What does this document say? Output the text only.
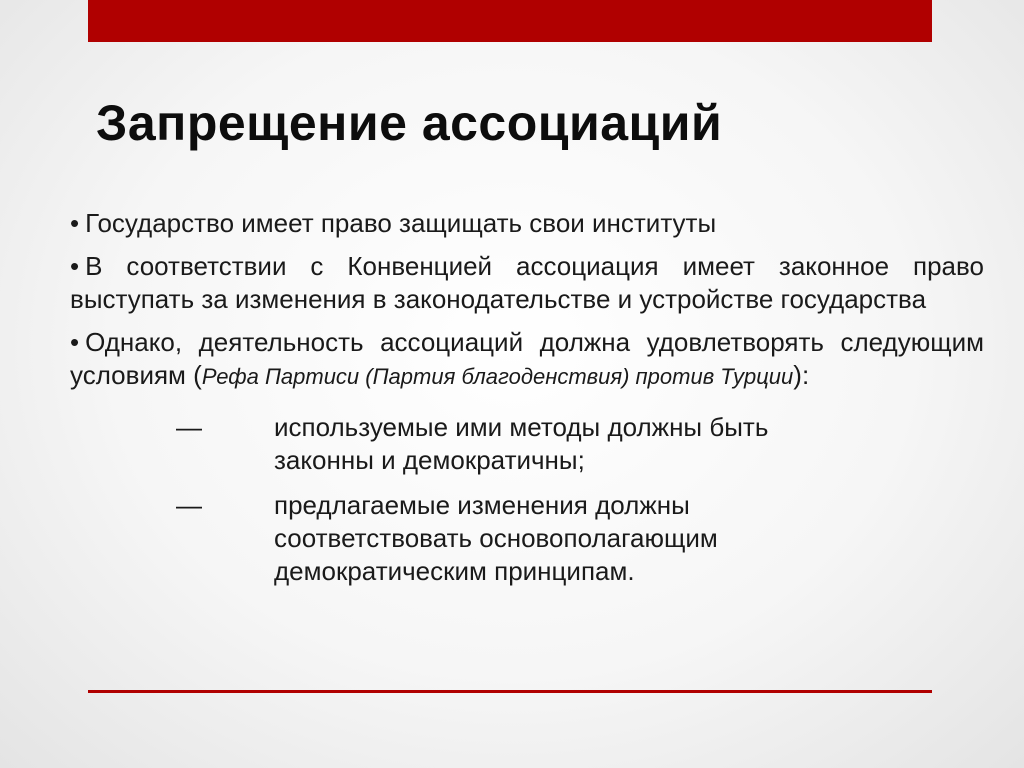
Запрещение ассоциаций

• Государство имеет право защищать свои институты

• В соответствии с Конвенцией ассоциация имеет законное право выступать за изменения в законодательстве и устройстве государства

• Однако, деятельность ассоциаций должна удовлетворять следующим условиям (Рефа Партиси (Партия благоденствия) против Турции):

—	используемые ими методы должны быть законны и демократичны;
—	предлагаемые изменения должны соответствовать основополагающим демократическим принципам.
